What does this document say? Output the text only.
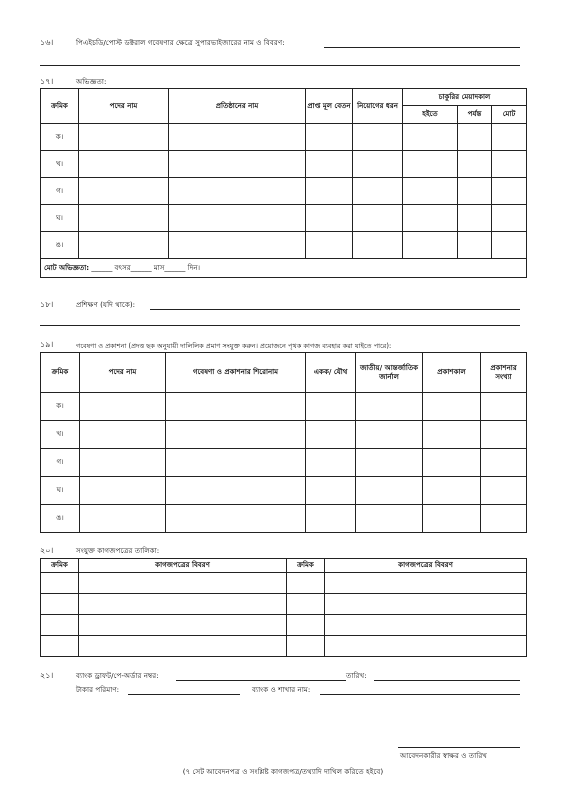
১৬।	পিএইচডি/পোস্ট ডক্টরাল গবেষণার ক্ষেত্রে সুপারভাইজারের নাম ও বিবরণ:
১৭।	অভিজ্ঞতা:
ক্রমিক	পদের নাম	প্রতিষ্ঠানের নাম	প্রাপ্ত মূল বেতন	নিয়োগের ধরন	চাকুরির মেয়াদকাল		
					হইতে	পর্যন্ত	মোট
ক।							
খ।							
গ।							
ঘ।							
ঙ।							
মোট অভিজ্ঞতা: ______ বৎসর______ মাস______ দিন।							
১৮।	প্রশিক্ষণ (যদি থাকে):
১৯।	গবেষণা ও প্রকাশনা (প্রদত্ত ছক অনুযায়ী দালিলিক প্রমাণ সংযুক্ত করুন। প্রয়োজনে পৃথক কাগজ ব্যবহার করা যাইতে পারে):
ক্রমিক	পদের নাম	গবেষণা ও প্রকাশনার শিরোনাম	একক/ যৌথ	জাতীয়/ আন্তর্জাতিক জার্নাল	প্রকাশকাল	প্রকাশনার সংখ্যা
ক।						
খ।						
গ।						
ঘ।						
ঙ।						
২০।	সংযুক্ত কাগজপত্রের তালিকা:
ক্রমিক	কাগজপত্রের বিবরণ	ক্রমিক	কাগজপত্রের বিবরণ

২১।	ব্যাংক ড্রাফট/পে-অর্ডার নম্বর:	তারিখ:
টাকার পরিমাণ:	ব্যাংক ও শাখার নাম:
আবেদনকারীর স্বাক্ষর ও তারিখ
(৭ সেট আবেদনপত্র ও সংশ্লিষ্ট কাগজপত্র/তথ্যাদি দাখিল করিতে হইবে)
